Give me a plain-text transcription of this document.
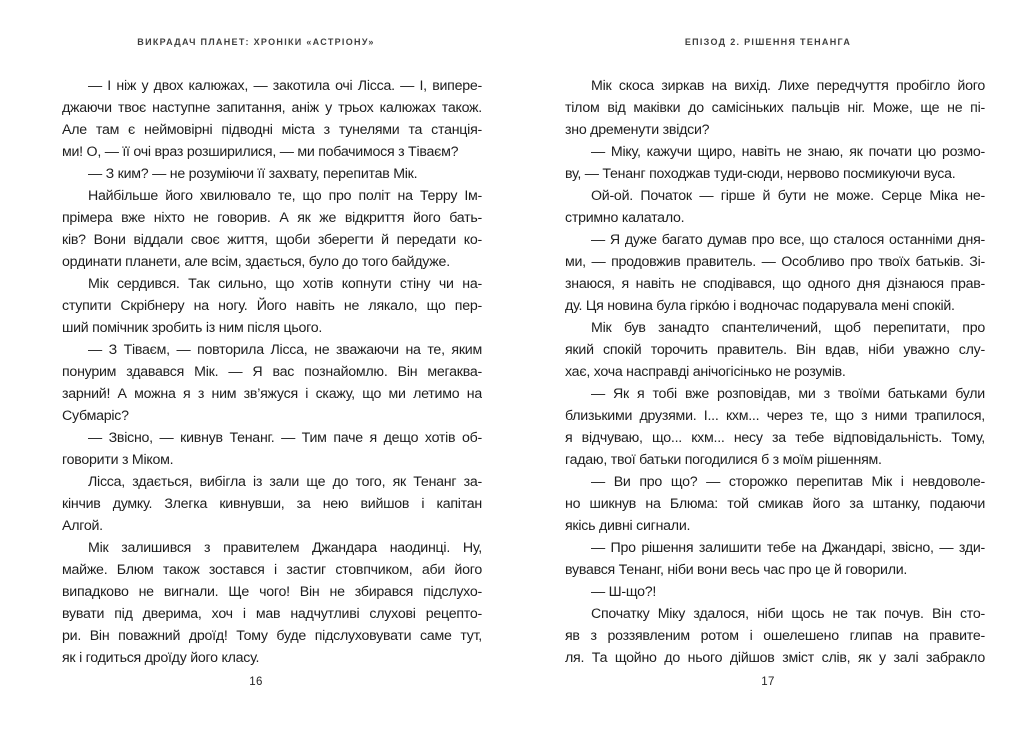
ВИКРАДАЧ ПЛАНЕТ: ХРОНІКИ «АСТРІОНУ»
— І ніж у двох калюжах, — закотила очі Лісса. — І, випере-
джаючи твоє наступне запитання, аніж у трьох калюжах також.
Але там є неймовірні підводні міста з тунелями та станція-
ми! О, — її очі враз розширилися, — ми побачимося з Тіваєм?
— З ким? — не розуміючи її захвату, перепитав Мік.
Найбільше його хвилювало те, що про політ на Терру Ім-
прімера вже ніхто не говорив. А як же відкриття його бать-
ків? Вони віддали своє життя, щоби зберегти й передати ко-
ординати планети, але всім, здається, було до того байдуже.
Мік сердився. Так сильно, що хотів копнути стіну чи на-
ступити Скрібнеру на ногу. Його навіть не лякало, що пер-
ший помічник зробить із ним після цього.
— З Тіваєм, — повторила Лісса, не зважаючи на те, яким
понурим здавався Мік. — Я вас познайомлю. Він мегаква-
зарний! А можна я з ним зв’яжуся і скажу, що ми летимо на
Субмаріс?
— Звісно, — кивнув Тенанг. — Тим паче я дещо хотів об-
говорити з Міком.
Лісса, здається, вибігла із зали ще до того, як Тенанг за-
кінчив думку. Злегка кивнувши, за нею вийшов і капітан
Алгой.
Мік залишився з правителем Джандара наодинці. Ну,
майже. Блюм також зостався і застиг стовпчиком, аби його
випадково не вигнали. Ще чого! Він не збирався підслухо-
вувати під дверима, хоч і мав надчутливі слухові рецепто-
ри. Він поважний дроїд! Тому буде підслуховувати саме тут,
як і годиться дроїду його класу.
16
ЕПІЗОД 2. РІШЕННЯ ТЕНАНГА
Мік скоса зиркав на вихід. Лихе передчуття пробігло його
тілом від маківки до самісіньких пальців ніг. Може, ще не пі-
зно дременути звідси?
— Міку, кажучи щиро, навіть не знаю, як почати цю розмо-
ву, — Тенанг походжав туди-сюди, нервово посмикуючи вуса.
Ой-ой. Початок — гірше й бути не може. Серце Міка не-
стримно калатало.
— Я дуже багато думав про все, що сталося останніми дня-
ми, — продовжив правитель. — Особливо про твоїх батьків. Зі-
знаюся, я навіть не сподівався, що одного дня дізнаюся прав-
ду. Ця новина була гірко́ю і водночас подарувала мені спокій.
Мік був занадто спантеличений, щоб перепитати, про
який спокій торочить правитель. Він вдав, ніби уважно слу-
хає, хоча насправді анічогісінько не розумів.
— Як я тобі вже розповідав, ми з твоїми батьками були
близькими друзями. І... кхм... через те, що з ними трапилося,
я відчуваю, що... кхм... несу за тебе відповідальність. Тому,
гадаю, твої батьки погодилися б з моїм рішенням.
— Ви про що? — сторожко перепитав Мік і невдоволе-
но шикнув на Блюма: той смикав його за штанку, подаючи
якісь дивні сигнали.
— Про рішення залишити тебе на Джандарі, звісно, — зди-
вувався Тенанг, ніби вони весь час про це й говорили.
— Ш-що?!
Спочатку Міку здалося, ніби щось не так почув. Він сто-
яв з роззявленим ротом і ошелешено глипав на правите-
ля. Та щойно до нього дійшов зміст слів, як у залі забракло
17
